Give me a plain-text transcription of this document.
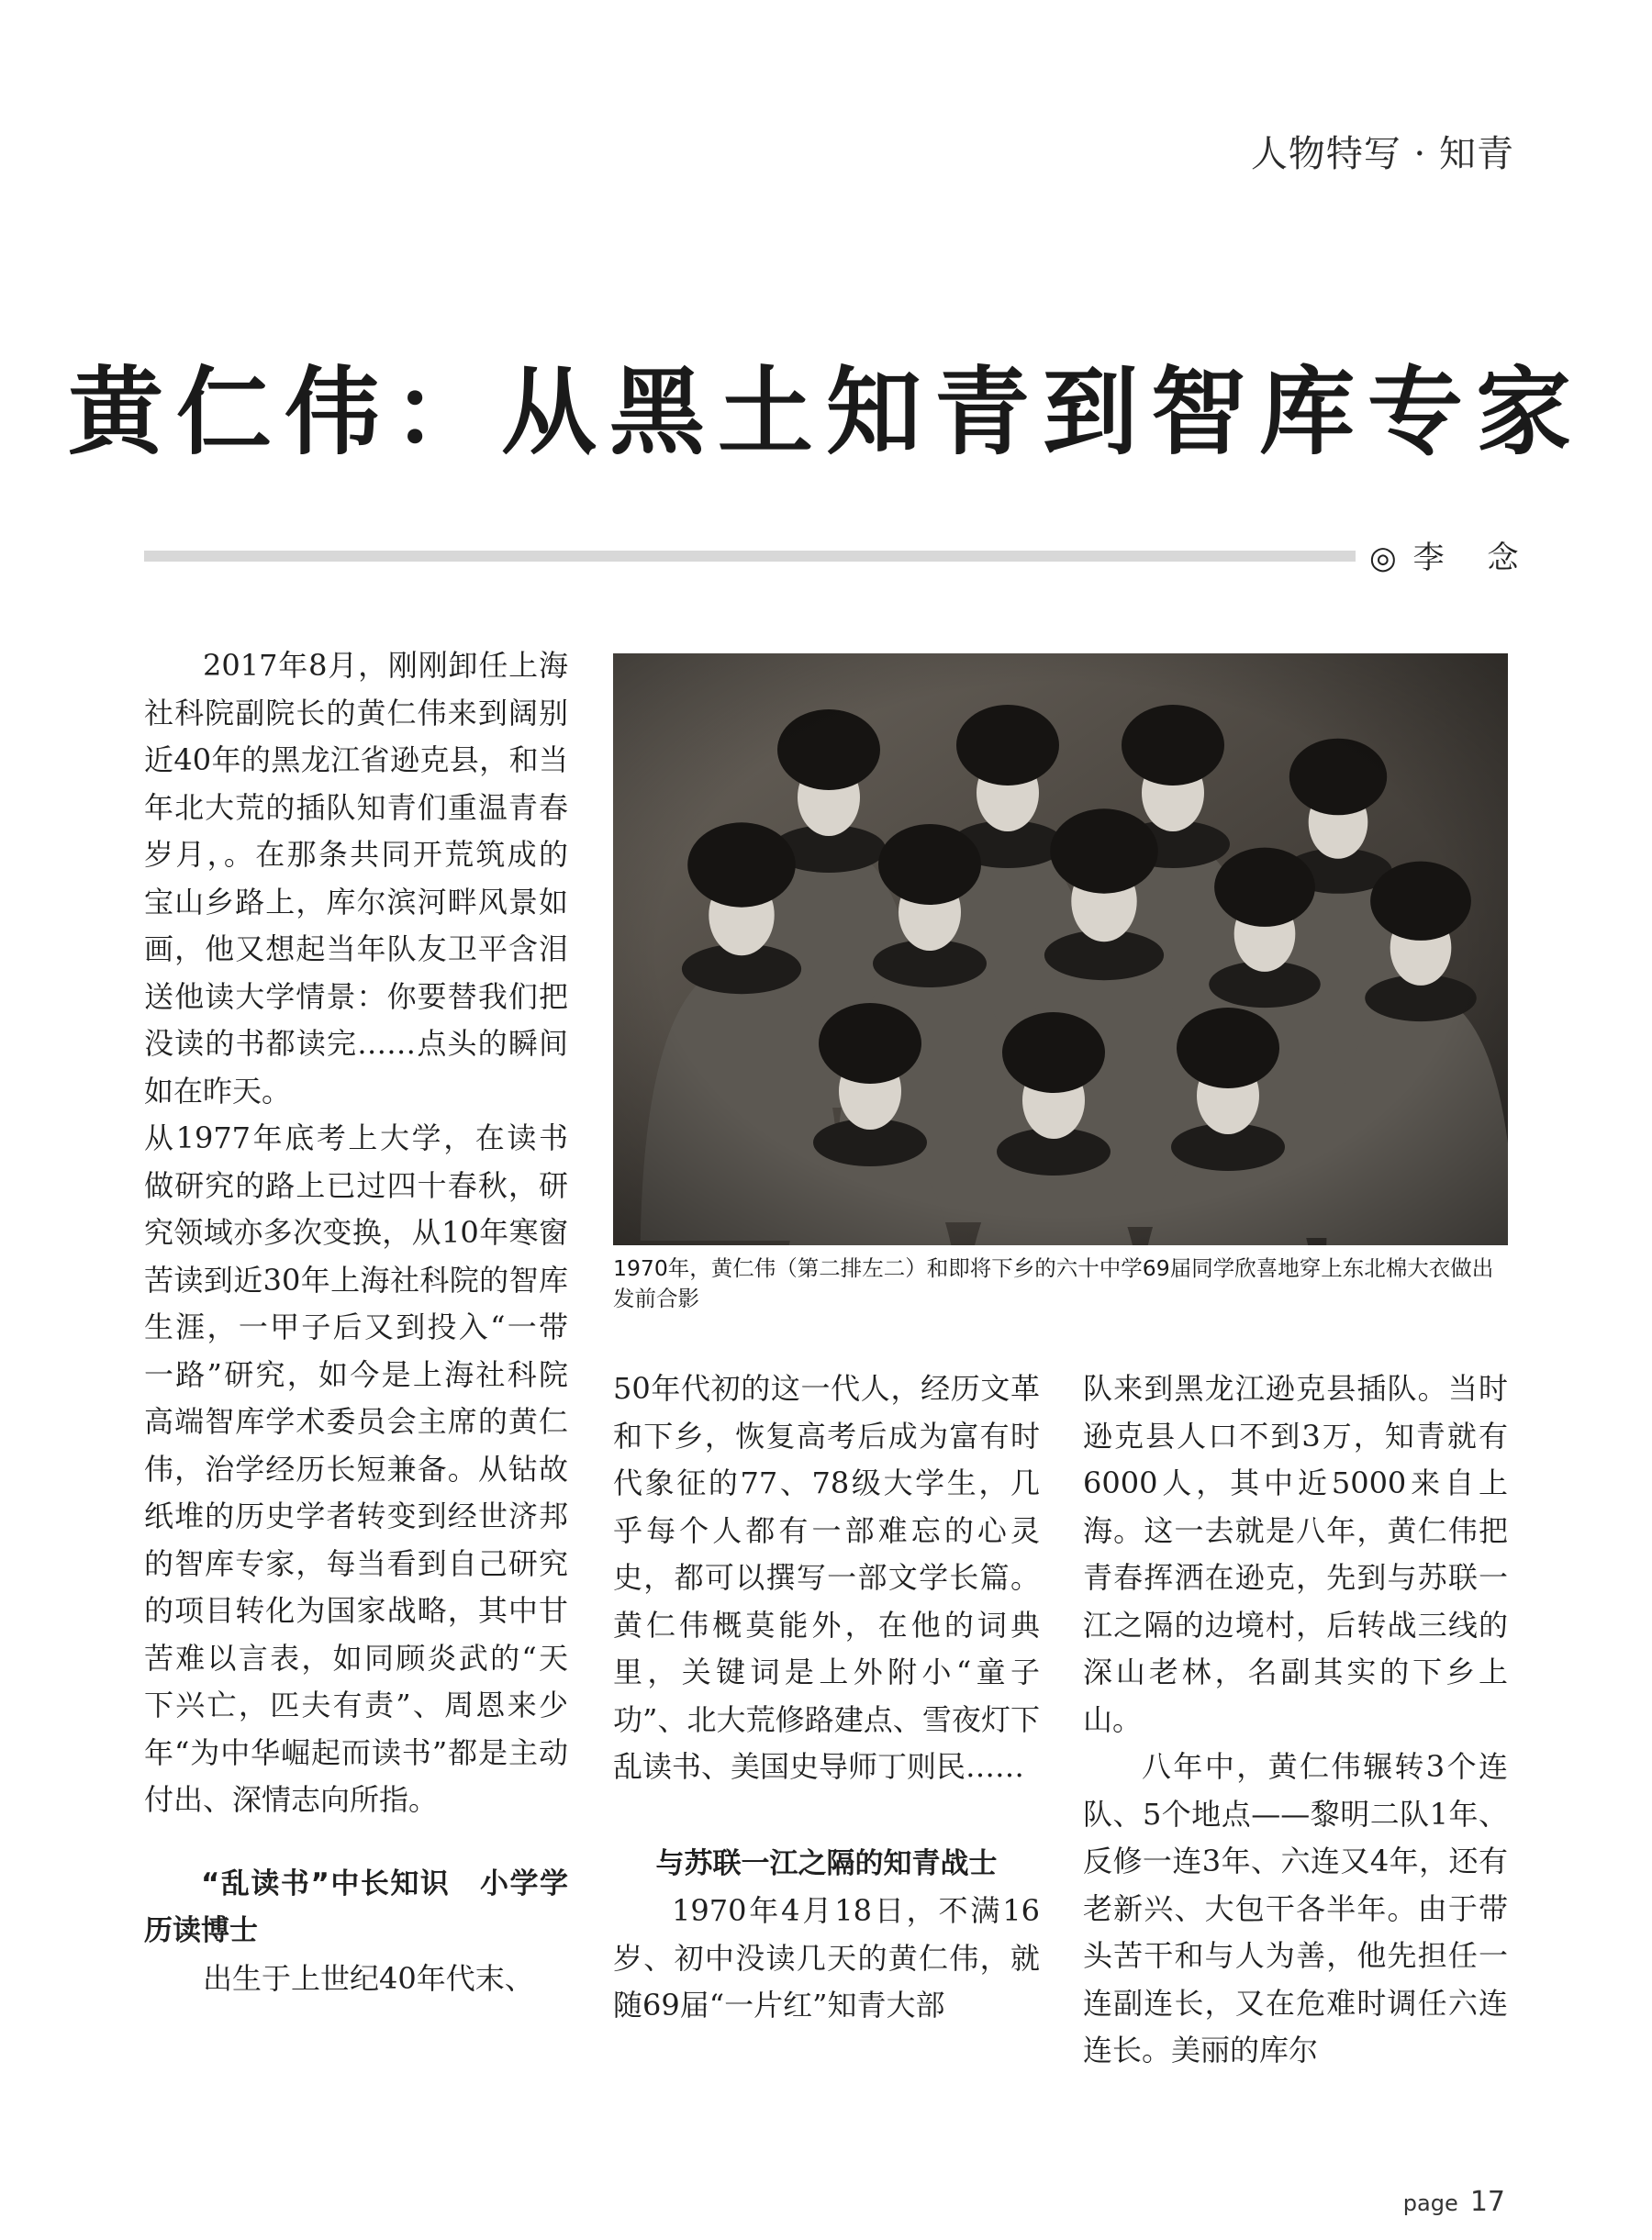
人物特写 · 知青
黄仁伟：从黑土知青到智库专家
◎李 念

2017年8月，刚刚卸任上海社科院副院长的黄仁伟来到阔别近40年的黑龙江省逊克县，和当年北大荒的插队知青们重温青春岁月，。在那条共同开荒筑成的宝山乡路上，库尔滨河畔风景如画，他又想起当年队友卫平含泪送他读大学情景：你要替我们把没读的书都读完……点头的瞬间如在昨天。

从1977年底考上大学，在读书做研究的路上已过四十春秋，研究领域亦多次变换，从10年寒窗苦读到近30年上海社科院的智库生涯，一甲子后又到投入“一带一路”研究，如今是上海社科院高端智库学术委员会主席的黄仁伟，治学经历长短兼备。从钻故纸堆的历史学者转变到经世济邦的智库专家，每当看到自己研究的项目转化为国家战略，其中甘苦难以言表，如同顾炎武的“天下兴亡，匹夫有责”、周恩来少年“为中华崛起而读书”都是主动付出、深情志向所指。

“乱读书”中长知识　小学学历读博士

出生于上世纪40年代末、

1970年，黄仁伟（第二排左二）和即将下乡的六十中学69届同学欣喜地穿上东北棉大衣做出发前合影

50年代初的这一代人，经历文革和下乡，恢复高考后成为富有时代象征的77、78级大学生，几乎每个人都有一部难忘的心灵史，都可以撰写一部文学长篇。黄仁伟概莫能外，在他的词典里，关键词是上外附小“童子功”、北大荒修路建点、雪夜灯下乱读书、美国史导师丁则民……

与苏联一江之隔的知青战士

1970年4月18日，不满16岁、初中没读几天的黄仁伟，就随69届“一片红”知青大部

队来到黑龙江逊克县插队。当时逊克县人口不到3万，知青就有6000人，其中近5000来自上海。这一去就是八年，黄仁伟把青春挥洒在逊克，先到与苏联一江之隔的边境村，后转战三线的深山老林，名副其实的下乡上山。

八年中，黄仁伟辗转3个连队、5个地点——黎明二队1年、反修一连3年、六连又4年，还有老新兴、大包干各半年。由于带头苦干和与人为善，他先担任一连副连长，又在危难时调任六连连长。美丽的库尔

page 17
